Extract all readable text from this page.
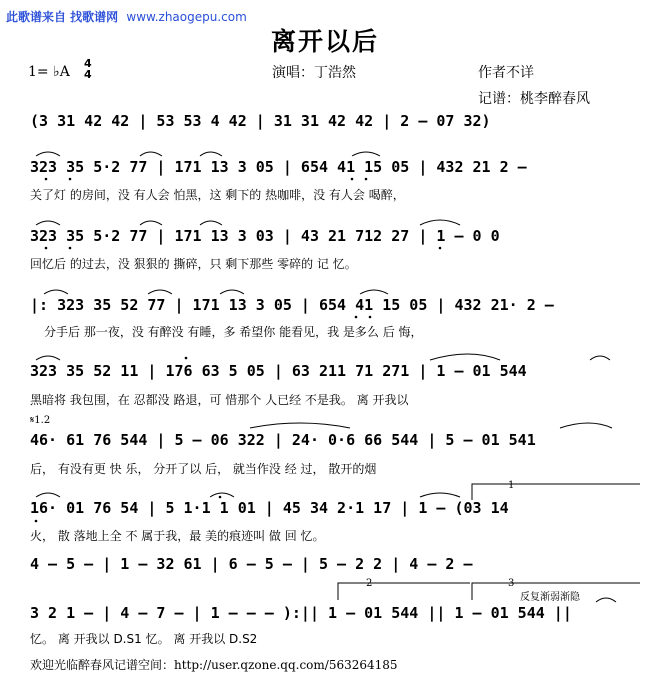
此歌谱来自 找歌谱网 www.zhaogepu.com
离开以后
1= ♭A
4
4	演唱：丁浩然	作者不详
记谱：桃李醉春风
(3 31 42 42 | 53 53 4 42 | 31 31 42 42 | 2 – 07 32)
323 35 5·2 77 | 171 13 3 05 | 654 41 15 05 | 432 21 2 –
关了灯 的房间，没 有人会 怕黑，这 剩下的 热咖啡，没 有人会 喝醉，
323 35 5·2 77 | 171 13 3 03 | 43 21 712 27 | 1 – 0 0
回忆后 的过去，没 狠狠的 撕碎，只 剩下那些 零碎的 记 忆。
|: 323 35 52 77 | 171 13 3 05 | 654 41 15 05 | 432 21· 2 –
分手后 那一夜，没 有醉没 有睡，多 希望你 能看见，我 是多么 后 悔，
323 35 52 11 | 176 63 5 05 | 63 211 71 271 | 1 – 01 544
黑暗将 我包围，在 忍都没 路退，可 惜那个 人已经 不是我。 离 开我以
𝄋1.2
46· 61 76 544 | 5 – 06 322 | 24· 0·6 66 544 | 5 – 01 541
后， 有没有更 快 乐， 分开了以 后， 就当作没 经 过， 散开的烟
1
16· 01 76 54 | 5 1·1 1 01 | 45 34 2·1 17 | 1 – (03 14
火， 散 落地上全 不 属于我，最 美的痕迹叫 做 回 忆。
4 – 5 – | 1 – 32 61 | 6 – 5 – | 5 – 2 2 | 4 – 2 –
2	3
反复渐弱渐隐
3 2 1 – | 4 – 7 – | 1 – – – ):|| 1 – 01 544 || 1 – 01 544 ||
忆。 离 开我以 D.S1 忆。 离 开我以 D.S2
欢迎光临醉春风记谱空间：http://user.qzone.qq.com/563264185
